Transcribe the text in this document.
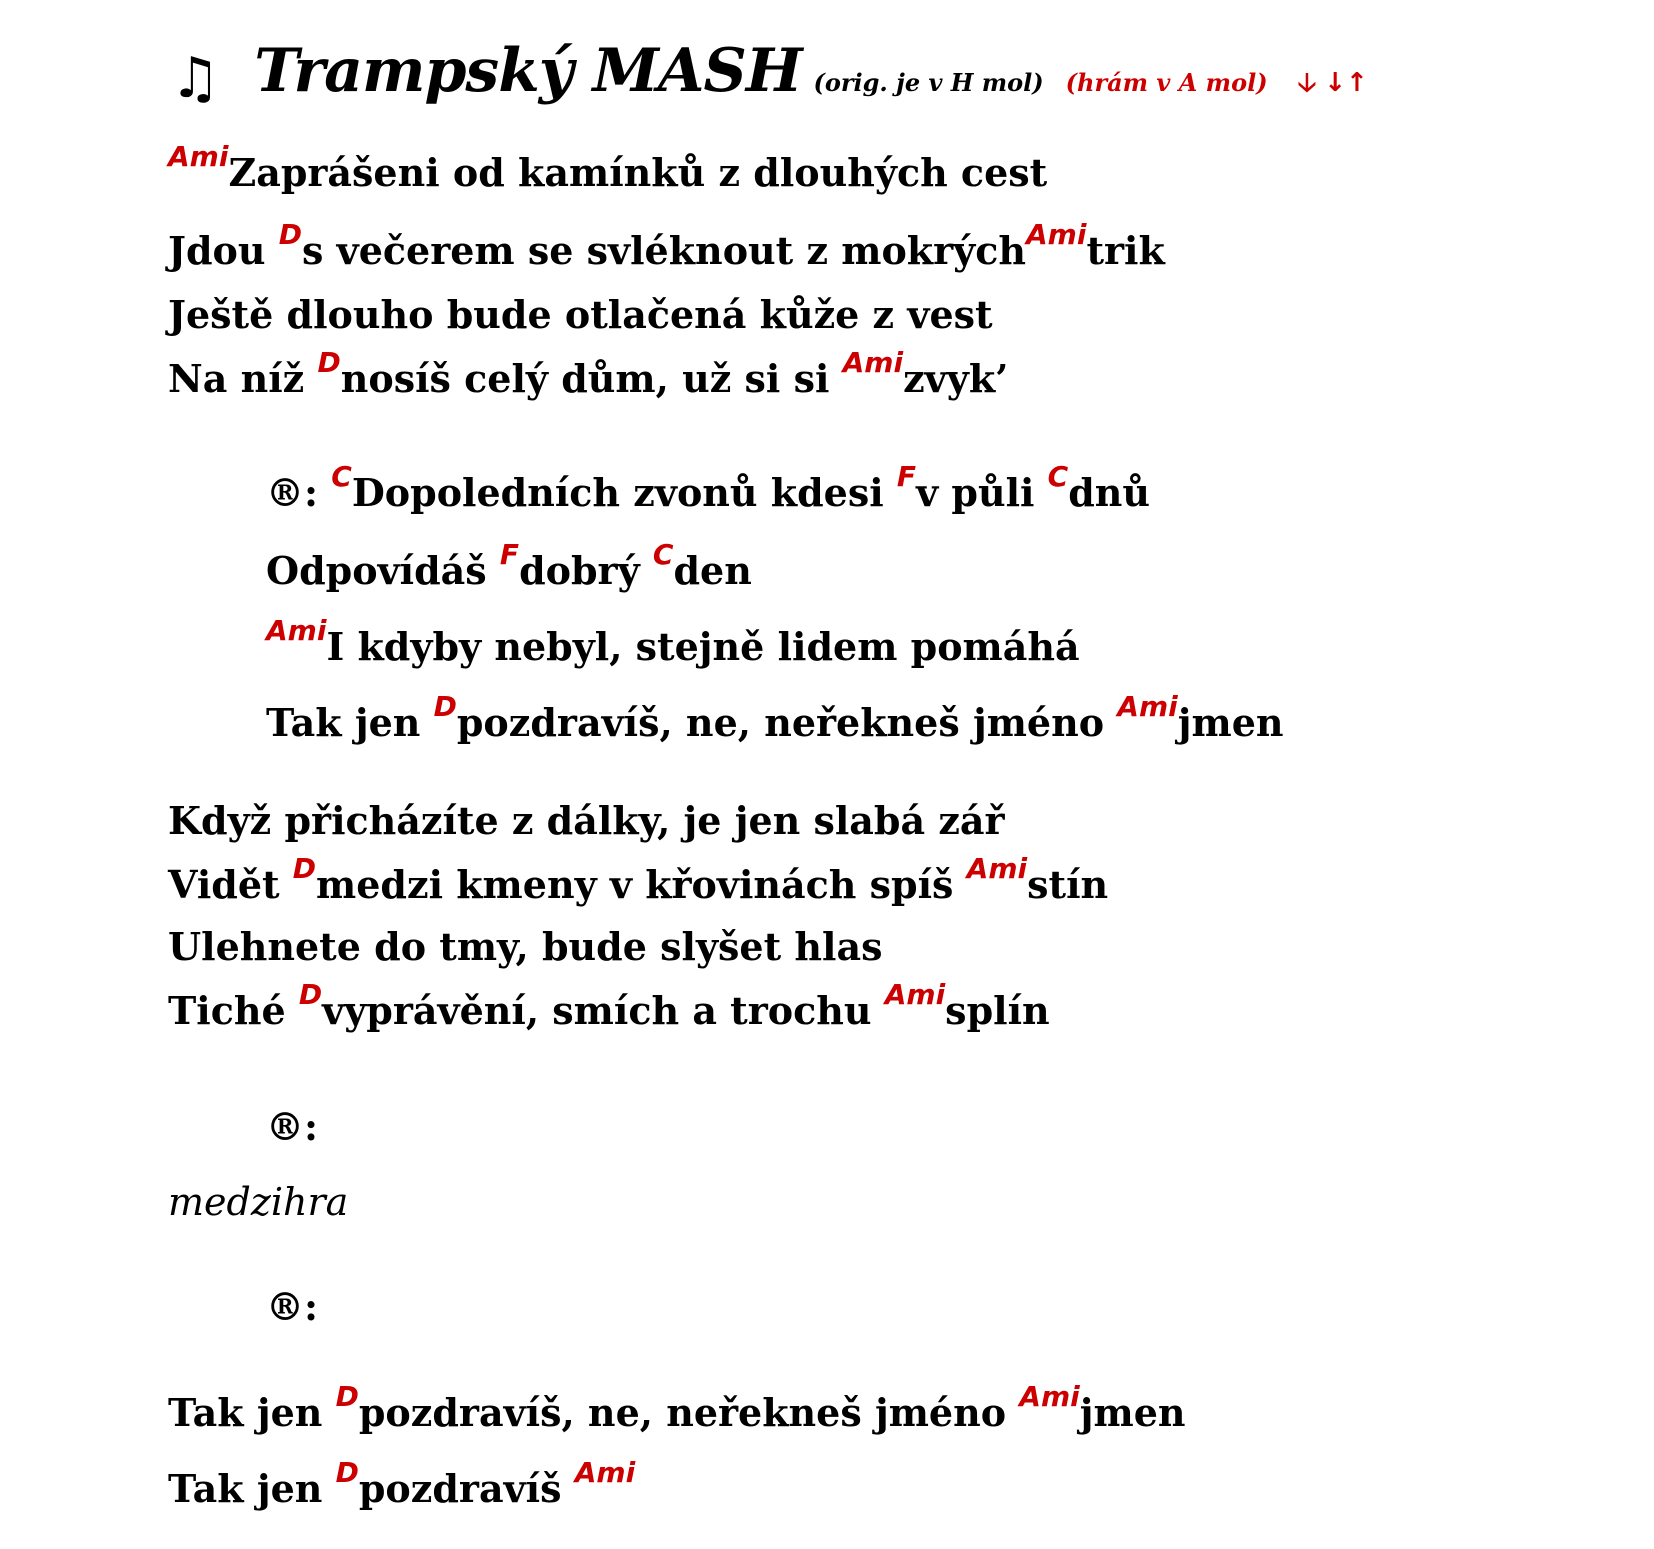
♫ Trampský MASH (orig. je v H mol) (hrám v A mol) 🡣 ↓↑
$^{Ami}$Zaprášeni od kamínků z dlouhých cest
Jdou $^D$s večerem se svléknout z mokrých$^{Ami}$trik
Ještě dlouho bude otlačená kůže z vest
Na níž $^D$nosíš celý dům, už si si $^{Ami}$zvyk’
®: $^C$Dopoledních zvonů kdesi $^F$v půli $^C$dnů
Odpovídáš $^F$dobrý $^C$den
$^{Ami}$I kdyby nebyl, stejně lidem pomáhá
Tak jen $^D$pozdravíš, ne, neřekneš jméno $^{Ami}$jmen
Když přicházíte z dálky, je jen slabá zář
Vidět $^D$medzi kmeny v křovinách spíš $^{Ami}$stín
Ulehnete do tmy, bude slyšet hlas
Tiché $^D$vyprávění, smích a trochu $^{Ami}$splín
®:
medzihra
®:
Tak jen $^D$pozdravíš, ne, neřekneš jméno $^{Ami}$jmen
Tak jen $^D$pozdravíš $^{Ami}$
